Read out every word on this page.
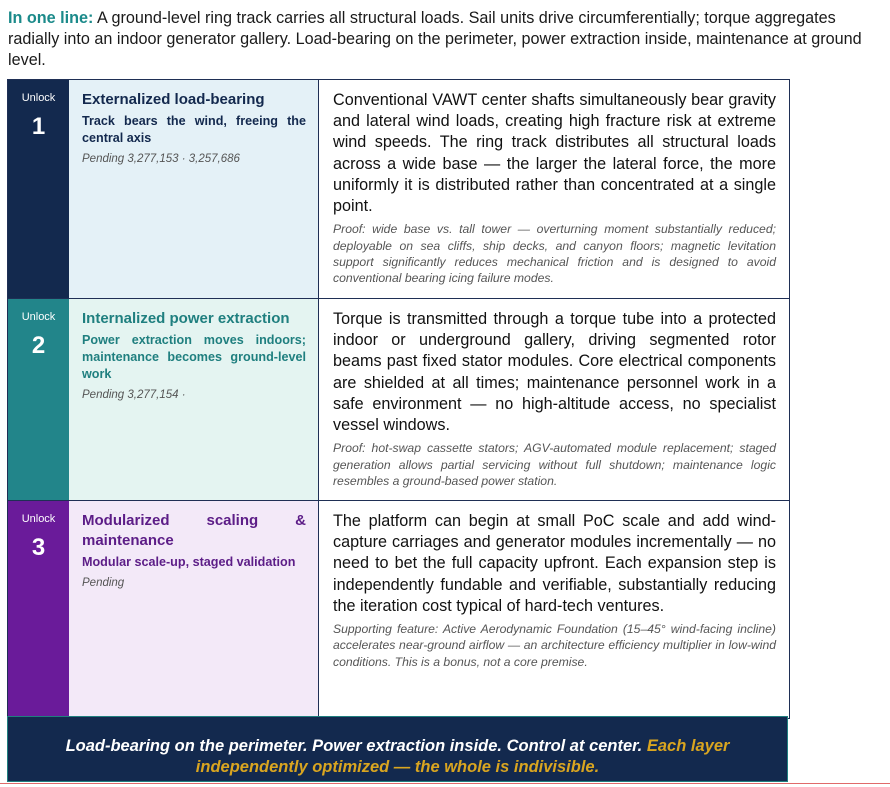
In one line: A ground-level ring track carries all structural loads. Sail units drive circumferentially; torque aggregates radially into an indoor generator gallery. Load-bearing on the perimeter, power extraction inside, maintenance at ground level.
Unlock
1
Externalized load-bearing
Track bears the wind, freeing the central axis
Pending 3,277,153 · 3,257,686
Conventional VAWT center shafts simultaneously bear gravity and lateral wind loads, creating high fracture risk at extreme wind speeds. The ring track distributes all structural loads across a wide base — the larger the lateral force, the more uniformly it is distributed rather than concentrated at a single point.
Proof: wide base vs. tall tower — overturning moment substantially reduced; deployable on sea cliffs, ship decks, and canyon floors; magnetic levitation support significantly reduces mechanical friction and is designed to avoid conventional bearing icing failure modes.
Unlock
2
Internalized power extraction
Power extraction moves indoors; maintenance becomes ground-level work
Pending 3,277,154 ·
Torque is transmitted through a torque tube into a protected indoor or underground gallery, driving segmented rotor beams past fixed stator modules. Core electrical components are shielded at all times; maintenance personnel work in a safe environment — no high-altitude access, no specialist vessel windows.
Proof: hot-swap cassette stators; AGV-automated module replacement; staged generation allows partial servicing without full shutdown; maintenance logic resembles a ground-based power station.
Unlock
3
Modularized scaling & maintenance
Modular scale-up, staged validation
Pending
The platform can begin at small PoC scale and add wind-capture carriages and generator modules incrementally — no need to bet the full capacity upfront. Each expansion step is independently fundable and verifiable, substantially reducing the iteration cost typical of hard-tech ventures.
Supporting feature: Active Aerodynamic Foundation (15–45° wind-facing incline) accelerates near-ground airflow — an architecture efficiency multiplier in low-wind conditions. This is a bonus, not a core premise.
Load-bearing on the perimeter. Power extraction inside. Control at center. Each layer independently optimized — the whole is indivisible.
